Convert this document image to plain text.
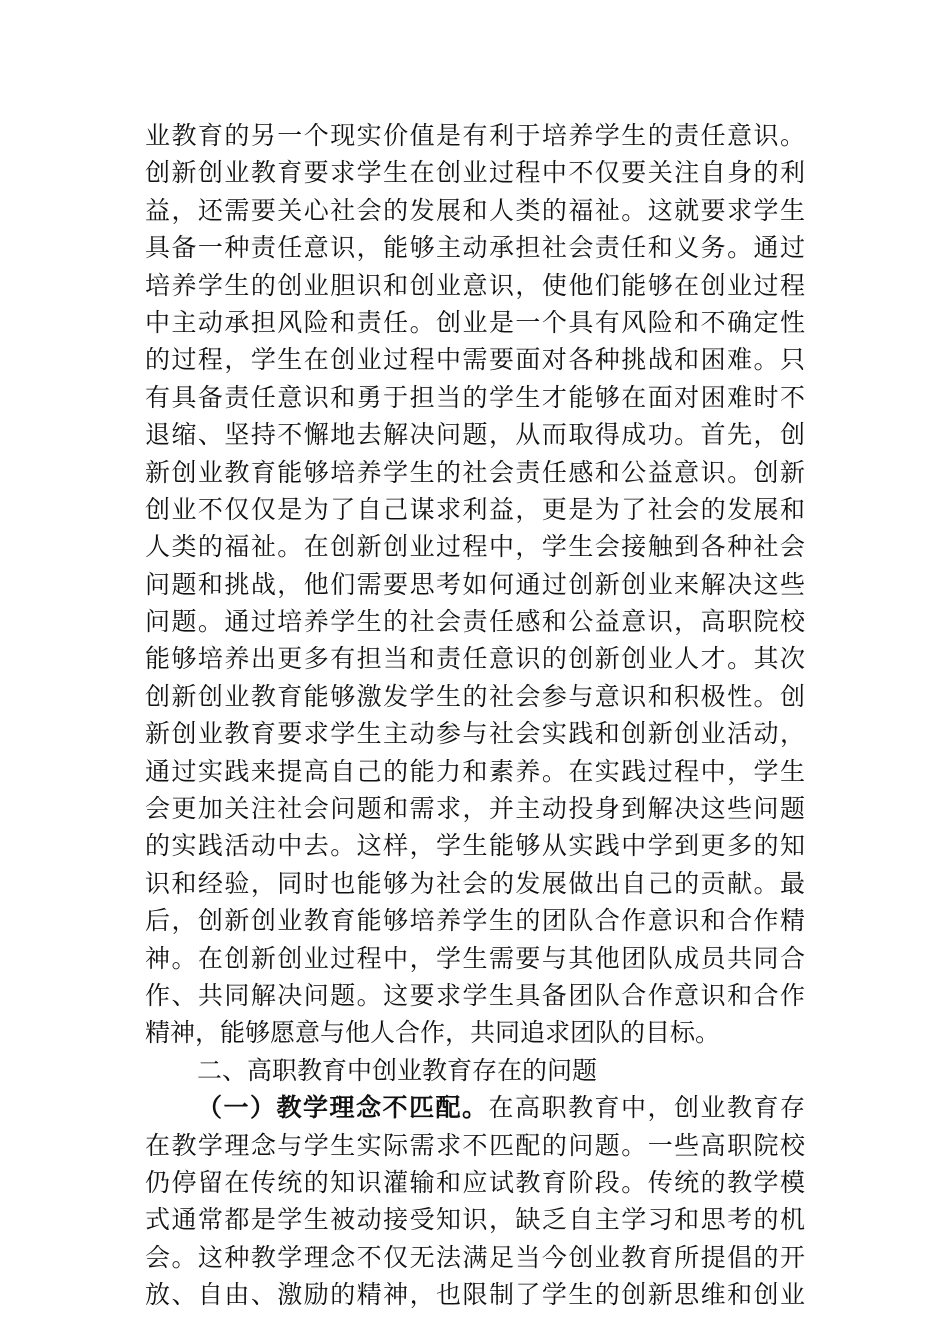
业教育的另一个现实价值是有利于培养学生的责任意识。
创新创业教育要求学生在创业过程中不仅要关注自身的利
益，还需要关心社会的发展和人类的福祉。这就要求学生
具备一种责任意识，能够主动承担社会责任和义务。通过
培养学生的创业胆识和创业意识，使他们能够在创业过程
中主动承担风险和责任。创业是一个具有风险和不确定性
的过程，学生在创业过程中需要面对各种挑战和困难。只
有具备责任意识和勇于担当的学生才能够在面对困难时不
退缩、坚持不懈地去解决问题，从而取得成功。首先，创
新创业教育能够培养学生的社会责任感和公益意识。创新
创业不仅仅是为了自己谋求利益，更是为了社会的发展和
人类的福祉。在创新创业过程中，学生会接触到各种社会
问题和挑战，他们需要思考如何通过创新创业来解决这些
问题。通过培养学生的社会责任感和公益意识，高职院校
能够培养出更多有担当和责任意识的创新创业人才。其次
创新创业教育能够激发学生的社会参与意识和积极性。创
新创业教育要求学生主动参与社会实践和创新创业活动，
通过实践来提高自己的能力和素养。在实践过程中，学生
会更加关注社会问题和需求，并主动投身到解决这些问题
的实践活动中去。这样，学生能够从实践中学到更多的知
识和经验，同时也能够为社会的发展做出自己的贡献。最
后，创新创业教育能够培养学生的团队合作意识和合作精
神。在创新创业过程中，学生需要与其他团队成员共同合
作、共同解决问题。这要求学生具备团队合作意识和合作
精神，能够愿意与他人合作，共同追求团队的目标。
二、高职教育中创业教育存在的问题
（一）教学理念不匹配。在高职教育中，创业教育存
在教学理念与学生实际需求不匹配的问题。一些高职院校
仍停留在传统的知识灌输和应试教育阶段。传统的教学模
式通常都是学生被动接受知识，缺乏自主学习和思考的机
会。这种教学理念不仅无法满足当今创业教育所提倡的开
放、自由、激励的精神，也限制了学生的创新思维和创业
